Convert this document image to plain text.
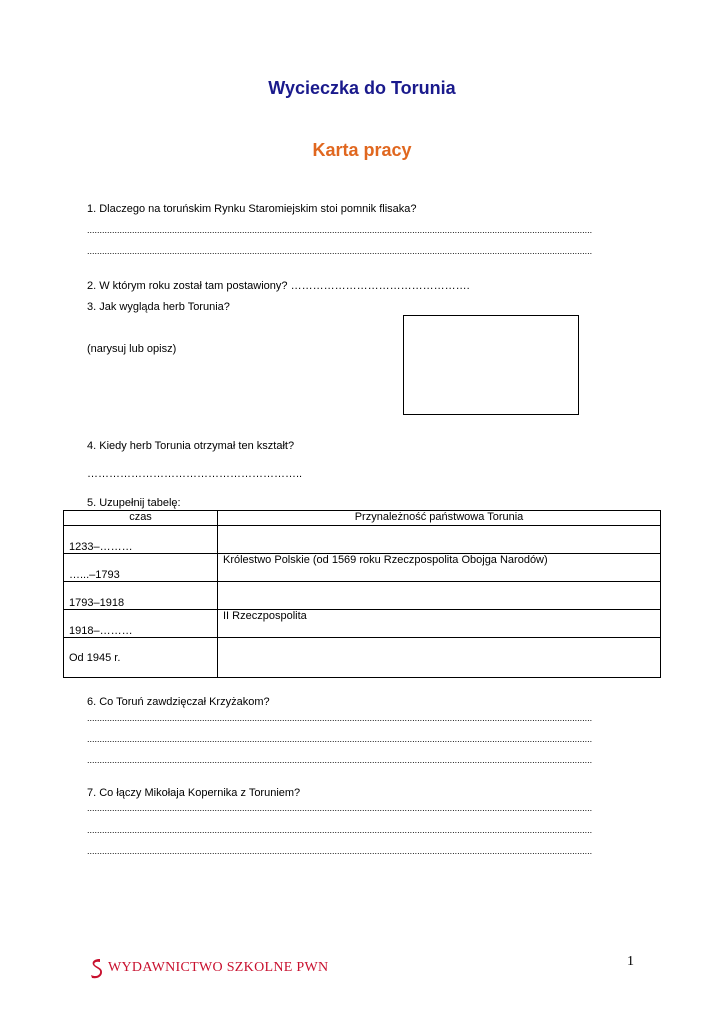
Wycieczka do Torunia
Karta pracy
1. Dlaczego na toruńskim Rynku Staromiejskim stoi pomnik flisaka?
..........................................................................................................................................................................................................
..........................................................................................................................................................................................................
2. W którym roku został tam postawiony? ………………………………………….
3. Jak wygląda herb Torunia?
(narysuj lub opisz)
4. Kiedy herb Torunia otrzymał ten kształt?
…………………………………………………..
5. Uzupełnij tabelę:
czas	Przynależność państwowa Torunia
1233–………	
…...–1793	Królestwo Polskie (od 1569 roku Rzeczpospolita Obojga Narodów)
1793–1918	
1918–………	II Rzeczpospolita
Od 1945 r.	
6. Co Toruń zawdzięczał Krzyżakom?
..........................................................................................................................................................................................................
..........................................................................................................................................................................................................
..........................................................................................................................................................................................................
7. Co łączy Mikołaja Kopernika z Toruniem?
..........................................................................................................................................................................................................
..........................................................................................................................................................................................................
..........................................................................................................................................................................................................
WYDAWNICTWO SZKOLNE PWN	1
